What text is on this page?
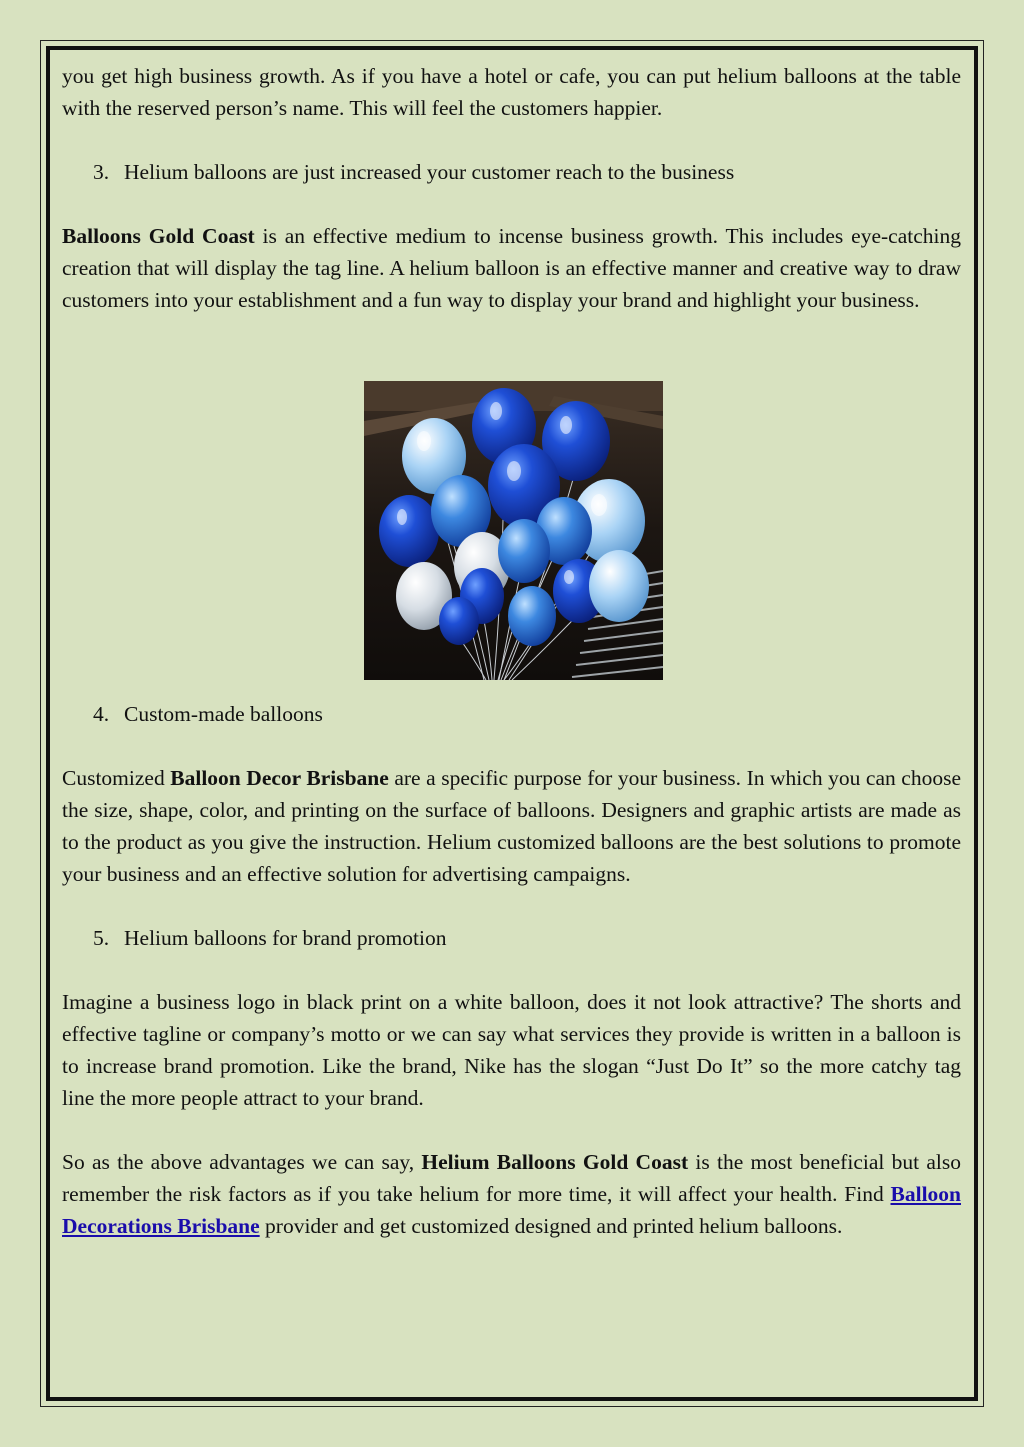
you get high business growth. As if you have a hotel or cafe, you can put helium balloons at the table with the reserved person’s name. This will feel the customers happier.

3. Helium balloons are just increased your customer reach to the business

Balloons Gold Coast is an effective medium to incense business growth. This includes eye-catching creation that will display the tag line. A helium balloon is an effective manner and creative way to draw customers into your establishment and a fun way to display your brand and highlight your business.

4. Custom-made balloons

Customized Balloon Decor Brisbane are a specific purpose for your business. In which you can choose the size, shape, color, and printing on the surface of balloons. Designers and graphic artists are made as to the product as you give the instruction. Helium customized balloons are the best solutions to promote your business and an effective solution for advertising campaigns.

5. Helium balloons for brand promotion

Imagine a business logo in black print on a white balloon, does it not look attractive? The shorts and effective tagline or company’s motto or we can say what services they provide is written in a balloon is to increase brand promotion. Like the brand, Nike has the slogan “Just Do It” so the more catchy tag line the more people attract to your brand.

So as the above advantages we can say, Helium Balloons Gold Coast is the most beneficial but also remember the risk factors as if you take helium for more time, it will affect your health. Find Balloon Decorations Brisbane provider and get customized designed and printed helium balloons.
